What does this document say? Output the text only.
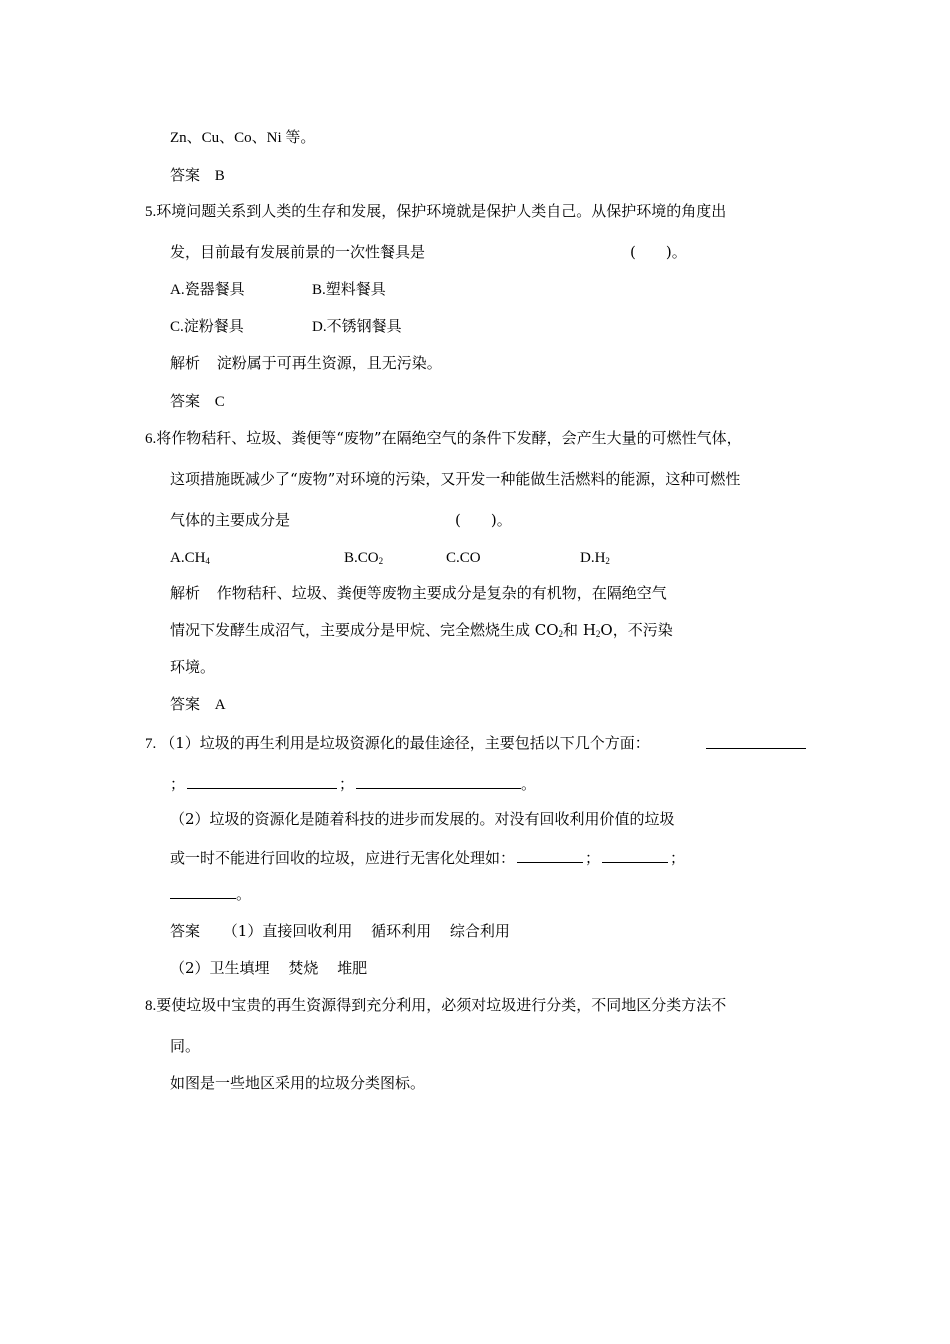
Zn、Cu、Co、Ni 等。
答案 B
5.环境问题关系到人类的生存和发展，保护环境就是保护人类自己。从保护环境的角度出
发，目前最有发展前景的一次性餐具是	(　　)。
A.瓷器餐具	B.塑料餐具
C.淀粉餐具	D.不锈钢餐具
解析 淀粉属于可再生资源，且无污染。
答案 C
6.将作物秸秆、垃圾、粪便等“废物”在隔绝空气的条件下发酵，会产生大量的可燃性气体，
这项措施既减少了“废物”对环境的污染，又开发一种能做生活燃料的能源，这种可燃性
气体的主要成分是	(　　)。
$A.CH_4$	$B.CO_2$	C.CO	$D.H_2$
解析 作物秸秆、垃圾、粪便等废物主要成分是复杂的有机物，在隔绝空气
情况下发酵生成沼气，主要成分是甲烷、完全燃烧生成 $CO_2$和 $H_2O$，不污染
环境。
答案 A
7. （1）垃圾的再生利用是垃圾资源化的最佳途径，主要包括以下几个方面：
；	；	。
（2）垃圾的资源化是随着科技的进步而发展的。对没有回收利用价值的垃圾
或一时不能进行回收的垃圾，应进行无害化处理如：	；	；
。
答案 （1）直接回收利用 循环利用 综合利用
（2）卫生填埋 焚烧 堆肥
8.要使垃圾中宝贵的再生资源得到充分利用，必须对垃圾进行分类，不同地区分类方法不
同。
如图是一些地区采用的垃圾分类图标。
